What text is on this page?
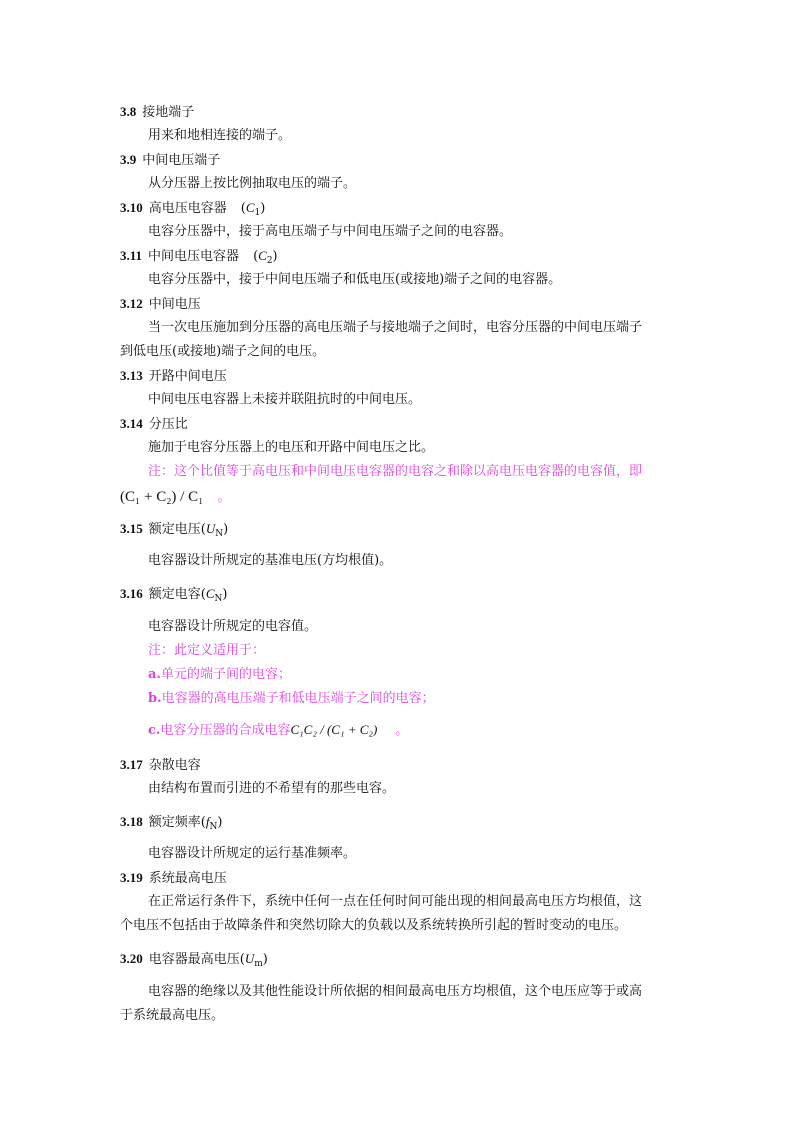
3.8 接地端子
用来和地相连接的端子。
3.9 中间电压端子
从分压器上按比例抽取电压的端子。
3.10 高电压电容器 $(C_1)$
电容分压器中，接于高电压端子与中间电压端子之间的电容器。
3.11 中间电压电容器 $(C_2)$
电容分压器中，接于中间电压端子和低电压(或接地)端子之间的电容器。
3.12 中间电压
当一次电压施加到分压器的高电压端子与接地端子之间时，电容分压器的中间电压端子
到低电压(或接地)端子之间的电压。
3.13 开路中间电压
中间电压电容器上未接并联阻抗时的中间电压。
3.14 分压比
施加于电容分压器上的电压和开路中间电压之比。
注：这个比值等于高电压和中间电压电容器的电容之和除以高电压电容器的电容值，即
(C₁ + C₂) / C₁ 。
3.15 额定电压$(U_N)$
电容器设计所规定的基准电压(方均根值)。
3.16 额定电容$(C_N)$
电容器设计所规定的电容值。
注：此定义适用于：
a.单元的端子间的电容；
b.电容器的高电压端子和低电压端子之间的电容；
c.电容分压器的合成电容C₁C₂ / (C₁ + C₂) 。
3.17 杂散电容
由结构布置而引进的不希望有的那些电容。
3.18 额定频率$(f_N)$
电容器设计所规定的运行基准频率。
3.19 系统最高电压
在正常运行条件下，系统中任何一点在任何时间可能出现的相间最高电压方均根值，这
个电压不包括由于故障条件和突然切除大的负载以及系统转换所引起的暂时变动的电压。
3.20 电容器最高电压$(U_m)$
电容器的绝缘以及其他性能设计所依据的相间最高电压方均根值，这个电压应等于或高
于系统最高电压。
